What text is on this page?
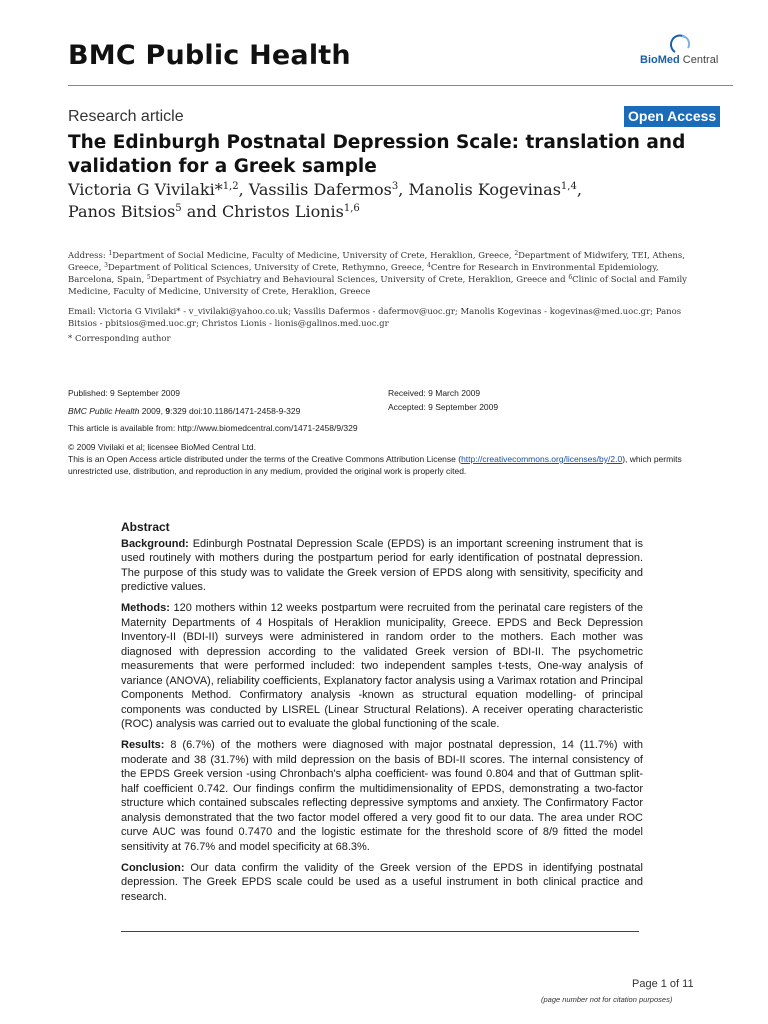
BMC Public Health	BioMed Central
Research article	Open Access
The Edinburgh Postnatal Depression Scale: translation and validation for a Greek sample
Victoria G Vivilaki*$^{1,2}$, Vassilis Dafermos$^3$, Manolis Kogevinas$^{1,4}$,
Panos Bitsios$^5$ and Christos Lionis$^{1,6}$
Address: $^1$Department of Social Medicine, Faculty of Medicine, University of Crete, Heraklion, Greece, $^2$Department of Midwifery, TEI, Athens, Greece, $^3$Department of Political Sciences, University of Crete, Rethymno, Greece, $^4$Centre for Research in Environmental Epidemiology, Barcelona, Spain, $^5$Department of Psychiatry and Behavioural Sciences, University of Crete, Heraklion, Greece and $^6$Clinic of Social and Family Medicine, Faculty of Medicine, University of Crete, Heraklion, Greece
Email: Victoria G Vivilaki* - v_vivilaki@yahoo.co.uk; Vassilis Dafermos - dafermov@uoc.gr; Manolis Kogevinas - kogevinas@med.uoc.gr; Panos Bitsios - pbitsios@med.uoc.gr; Christos Lionis - lionis@galinos.med.uoc.gr
* Corresponding author
Published: 9 September 2009
BMC Public Health 2009, 9:329 doi:10.1186/1471-2458-9-329
Received: 9 March 2009
Accepted: 9 September 2009
This article is available from: http://www.biomedcentral.com/1471-2458/9/329
© 2009 Vivilaki et al; licensee BioMed Central Ltd.
This is an Open Access article distributed under the terms of the Creative Commons Attribution License (http://creativecommons.org/licenses/by/2.0), which permits unrestricted use, distribution, and reproduction in any medium, provided the original work is properly cited.
Abstract

Background: Edinburgh Postnatal Depression Scale (EPDS) is an important screening instrument that is used routinely with mothers during the postpartum period for early identification of postnatal depression. The purpose of this study was to validate the Greek version of EPDS along with sensitivity, specificity and predictive values.

Methods: 120 mothers within 12 weeks postpartum were recruited from the perinatal care registers of the Maternity Departments of 4 Hospitals of Heraklion municipality, Greece. EPDS and Beck Depression Inventory-II (BDI-II) surveys were administered in random order to the mothers. Each mother was diagnosed with depression according to the validated Greek version of BDI-II. The psychometric measurements that were performed included: two independent samples t-tests, One-way analysis of variance (ANOVA), reliability coefficients, Explanatory factor analysis using a Varimax rotation and Principal Components Method. Confirmatory analysis -known as structural equation modelling- of principal components was conducted by LISREL (Linear Structural Relations). A receiver operating characteristic (ROC) analysis was carried out to evaluate the global functioning of the scale.

Results: 8 (6.7%) of the mothers were diagnosed with major postnatal depression, 14 (11.7%) with moderate and 38 (31.7%) with mild depression on the basis of BDI-II scores. The internal consistency of the EPDS Greek version -using Chronbach's alpha coefficient- was found 0.804 and that of Guttman split-half coefficient 0.742. Our findings confirm the multidimensionality of EPDS, demonstrating a two-factor structure which contained subscales reflecting depressive symptoms and anxiety. The Confirmatory Factor analysis demonstrated that the two factor model offered a very good fit to our data. The area under ROC curve AUC was found 0.7470 and the logistic estimate for the threshold score of 8/9 fitted the model sensitivity at 76.7% and model specificity at 68.3%.

Conclusion: Our data confirm the validity of the Greek version of the EPDS in identifying postnatal depression. The Greek EPDS scale could be used as a useful instrument in both clinical practice and research.

Page 1 of 11
(page number not for citation purposes)
